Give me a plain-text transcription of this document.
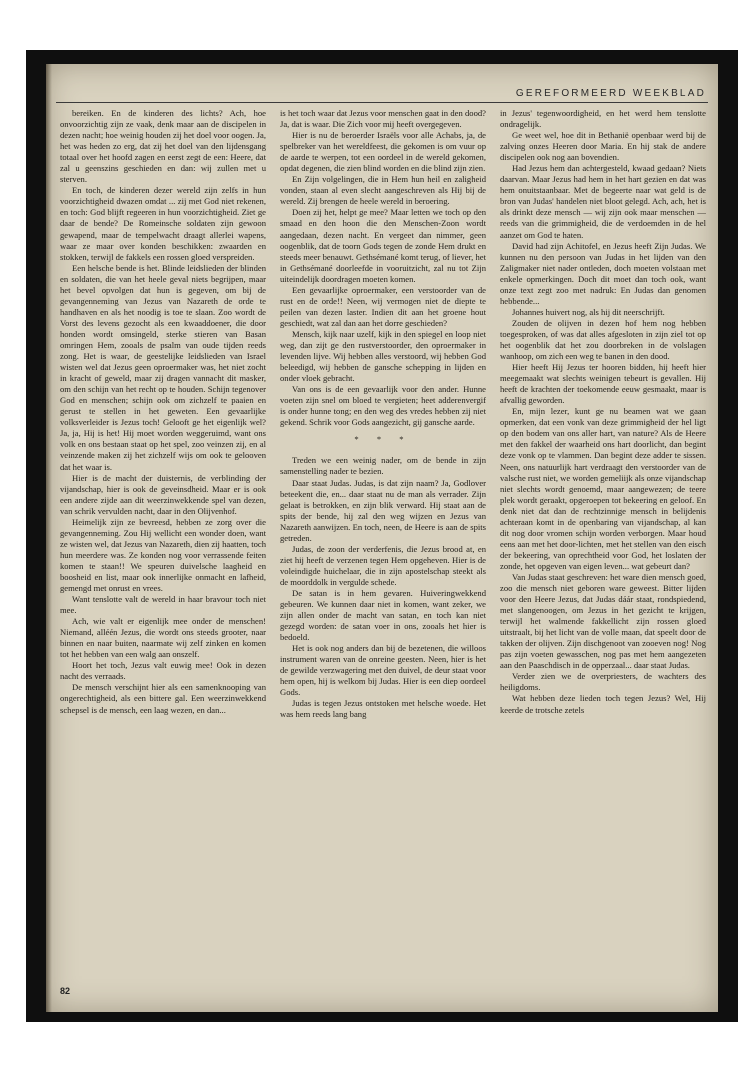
GEREFORMEERD WEEKBLAD

bereiken. En de kinderen des lichts? Ach, hoe onvoorzichtig zijn ze vaak, denk maar aan de discipelen in dezen nacht; hoe weinig houden zij het doel voor oogen. Ja, het was heden zo erg, dat zij het doel van den lijdensgang totaal over het hoofd zagen en eerst zegt de een: Heere, dat zal u geenszins geschieden en dan: wij zullen met u sterven.

En toch, de kinderen dezer wereld zijn zelfs in hun voorzichtigheid dwazen omdat ... zij met God niet rekenen, en toch: God blijft regeeren in hun voorzichtigheid. Ziet ge daar de bende? De Romeinsche soldaten zijn gewoon gewapend, maar de tempelwacht draagt allerlei wapens, waar ze maar over konden beschikken: zwaarden en stokken, terwijl de fakkels een rossen gloed verspreiden.

Een helsche bende is het. Blinde leidslieden der blinden en soldaten, die van het heele geval niets begrijpen, maar het bevel opvolgen dat hun is gegeven, om bij de gevangenneming van Jezus van Nazareth de orde te handhaven en als het noodig is toe te slaan. Zoo wordt de Vorst des levens gezocht als een kwaaddoener, die door honden wordt omsingeld, sterke stieren van Basan omringen Hem, zooals de psalm van oude tijden reeds zong. Het is waar, de geestelijke leidslieden van Israel wisten wel dat Jezus geen oproermaker was, het niet zocht in kracht of geweld, maar zij dragen vannacht dit masker, om den schijn van het recht op te houden. Schijn tegenover God en menschen; schijn ook om zichzelf te paaien en gerust te stellen in het geweten. Een gevaarlijke volksverleider is Jezus toch! Gelooft ge het eigenlijk wel? Ja, ja, Hij is het! Hij moet worden weggeruimd, want ons volk en ons bestaan staat op het spel, zoo veinzen zij, en al veinzende maken zij het zichzelf wijs om ook te gelooven dat het waar is.

Hier is de macht der duisternis, de verblinding der vijandschap, hier is ook de geveinsdheid. Maar er is ook een andere zijde aan dit weerzinwekkende spel van dezen, van schrik vervulden nacht, daar in den Olijvenhof.

Heimelijk zijn ze bevreesd, hebben ze zorg over die gevangenneming. Zou Hij wellicht een wonder doen, want ze wisten wel, dat Jezus van Nazareth, dien zij haatten, toch hun meerdere was. Ze konden nog voor verrassende feiten komen te staan!! We speuren duivelsche laagheid en boosheid en list, maar ook innerlijke onmacht en lafheid, gemengd met onrust en vrees.

Want tenslotte valt de wereld in haar bravour toch niet mee.

Ach, wie valt er eigenlijk mee onder de menschen! Niemand, alléén Jezus, die wordt ons steeds grooter, naar binnen en naar buiten, naarmate wij zelf zinken en komen tot het hebben van een walg aan onszelf.

Hoort het toch, Jezus valt euwig mee! Ook in dezen nacht des verraads.

De mensch verschijnt hier als een samenknooping van ongerechtigheid, als een bittere gal. Een weerzinwekkend schepsel is de mensch, een laag wezen, en dan...

is het toch waar dat Jezus voor menschen gaat in den dood? Ja, dat is waar. Die Zich voor mij heeft overgegeven.

Hier is nu de beroerder Israëls voor alle Achabs, ja, de spelbreker van het wereldfeest, die gekomen is om vuur op de aarde te werpen, tot een oordeel in de wereld gekomen, opdat degenen, die zien blind worden en die blind zijn zien.

En Zijn volgelingen, die in Hem hun heil en zaligheid vonden, staan al even slecht aangeschreven als Hij bij de wereld. Zij brengen de heele wereld in beroering.

Doen zij het, helpt ge mee? Maar letten we toch op den smaad en den hoon die den Menschen-Zoon wordt aangedaan, dezen nacht. En vergeet dan nimmer, geen oogenblik, dat de toorn Gods tegen de zonde Hem drukt en steeds meer benauwt. Gethsémané komt terug, of liever, het in Gethsémané doorleefde in vooruitzicht, zal nu tot Zijn uiteindelijk doordragen moeten komen.

Een gevaarlijke oproermaker, een verstoorder van de rust en de orde!! Neen, wij vermogen niet de diepte te peilen van dezen laster. Indien dit aan het groene hout geschiedt, wat zal dan aan het dorre geschieden?

Mensch, kijk naar uzelf, kijk in den spiegel en loop niet weg, dan zijt ge den rustverstoorder, den oproermaker in levenden lijve. Wij hebben alles verstoord, wij hebben God beleedigd, wij hebben de gansche schepping in lijden en onder vloek gebracht.

Van ons is de een gevaarlijk voor den ander. Hunne voeten zijn snel om bloed te vergieten; heet adderenvergif is onder hunne tong; en den weg des vredes hebben zij niet gekend. Schrik voor Gods aangezicht, gij gansche aarde.

* * *

Treden we een weinig nader, om de bende in zijn samenstelling nader te bezien.

Daar staat Judas. Judas, is dat zijn naam? Ja, Godlover beteekent die, en... daar staat nu de man als verrader. Zijn gelaat is betrokken, en zijn blik verward. Hij staat aan de spits der bende, hij zal den weg wijzen en Jezus van Nazareth aanwijzen. En toch, neen, de Heere is aan de spits getreden.

Judas, de zoon der verderfenis, die Jezus brood at, en ziet hij heeft de verzenen tegen Hem opgeheven. Hier is de voleindigde huichelaar, die in zijn apostelschap steekt als de moorddolk in vergulde schede.

De satan is in hem gevaren. Huiveringwekkend gebeuren. We kunnen daar niet in komen, want zeker, we zijn allen onder de macht van satan, en toch kan niet gezegd worden: de satan voer in ons, zooals het hier is bedoeld.

Het is ook nog anders dan bij de bezetenen, die willoos instrument waren van de onreine geesten. Neen, hier is het de gewilde verzwagering met den duivel, de deur staat voor hem open, hij is welkom bij Judas. Hier is een diep oordeel Gods.

Judas is tegen Jezus ontstoken met helsche woede. Het was hem reeds lang bang

in Jezus' tegenwoordigheid, en het werd hem tenslotte ondragelijk.

Ge weet wel, hoe dit in Bethanië openbaar werd bij de zalving onzes Heeren door Maria. En hij stak de andere discipelen ook nog aan bovendien.

Had Jezus hem dan achtergesteld, kwaad gedaan? Niets daarvan. Maar Jezus had hem in het hart gezien en dat was hem onuitstaanbaar. Met de begeerte naar wat geld is de bron van Judas' handelen niet bloot gelegd. Ach, ach, het is als drinkt deze mensch — wij zijn ook maar menschen — reeds van die grimmigheid, die de verdoemden in de hel aanzet om God te haten.

David had zijn Achitofel, en Jezus heeft Zijn Judas. We kunnen nu den persoon van Judas in het lijden van den Zaligmaker niet nader ontleden, doch moeten volstaan met enkele opmerkingen. Doch dit moet dan toch ook, want onze text zegt zoo met nadruk: En Judas dan genomen hebbende...

Johannes huivert nog, als hij dit neerschrijft.

Zouden de olijven in dezen hof hem nog hebben toegesproken, of was dat alles afgesloten in zijn ziel tot op het oogenblik dat het zou doorbreken in de volslagen wanhoop, om zich een weg te banen in den dood.

Hier heeft Hij Jezus ter hooren bidden, hij heeft hier meegemaakt wat slechts weinigen tebeurt is gevallen. Hij heeft de krachten der toekomende eeuw gesmaakt, maar is afvallig geworden.

En, mijn lezer, kunt ge nu beamen wat we gaan opmerken, dat een vonk van deze grimmigheid der hel ligt op den bodem van ons aller hart, van nature? Als de Heere met den fakkel der waarheid ons hart doorlicht, dan begint deze vonk op te vlammen. Dan begint deze adder te sissen. Neen, ons natuurlijk hart verdraagt den verstoorder van de valsche rust niet, we worden gemeliijk als onze vijandschap niet slechts wordt genoemd, maar aangewezen; de teere plek wordt geraakt, opgeroepen tot bekeering en geloof. En denk niet dat dan de rechtzinnige mensch in belijdenis achteraan komt in de openbaring van vijandschap, al kan dit nog door vromen schijn worden verborgen. Maar houd eens aan met het door-lichten, met het stellen van den eisch der bekeering, van oprechtheid voor God, het loslaten der zonde, het opgeven van eigen leven... wat gebeurt dan?

Van Judas staat geschreven: het ware dien mensch goed, zoo die mensch niet geboren ware geweest. Bitter lijden voor den Heere Jezus, dat Judas dáár staat, rondspiedend, met slangenoogen, om Jezus in het gezicht te krijgen, terwijl het walmende fakkellicht zijn rossen gloed uitstraalt, bij het licht van de volle maan, dat speelt door de takken der olijven. Zijn dischgenoot van zooeven nog! Nog pas zijn voeten gewasschen, nog pas met hem aangezeten aan den Paaschdisch in de opperzaal... daar staat Judas.

Verder zien we de overpriesters, de wachters des heiligdoms.

Wat hebben deze lieden toch tegen Jezus? Wel, Hij keerde de trotsche zetels

82
